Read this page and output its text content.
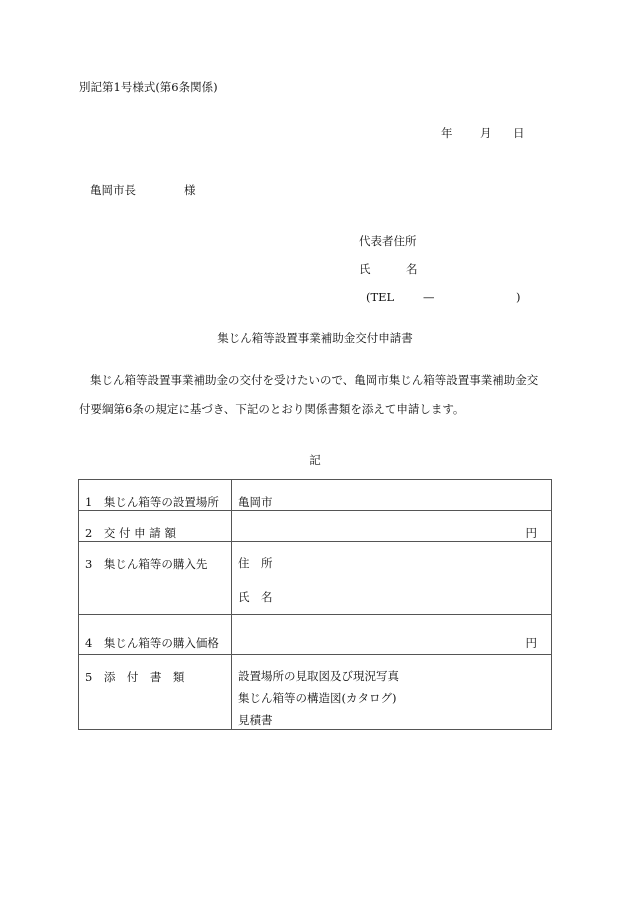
別記第1号様式(第6条関係)
年 月 日
亀岡市長	様
代表者住所
氏	名
(TEL	—	)
集じん箱等設置事業補助金交付申請書
集じん箱等設置事業補助金の交付を受けたいので、亀岡市集じん箱等設置事業補助金交
付要綱第6条の規定に基づき、下記のとおり関係書類を添えて申請します。
記
1　集じん箱等の設置場所	亀岡市
2　交 付 申 請 額	円
3　集じん箱等の購入先	住　所
氏　名

4　集じん箱等の購入価格	円
5　添　付　書　類	設置場所の見取図及び現況写真
集じん箱等の構造図(カタログ)
見積書
